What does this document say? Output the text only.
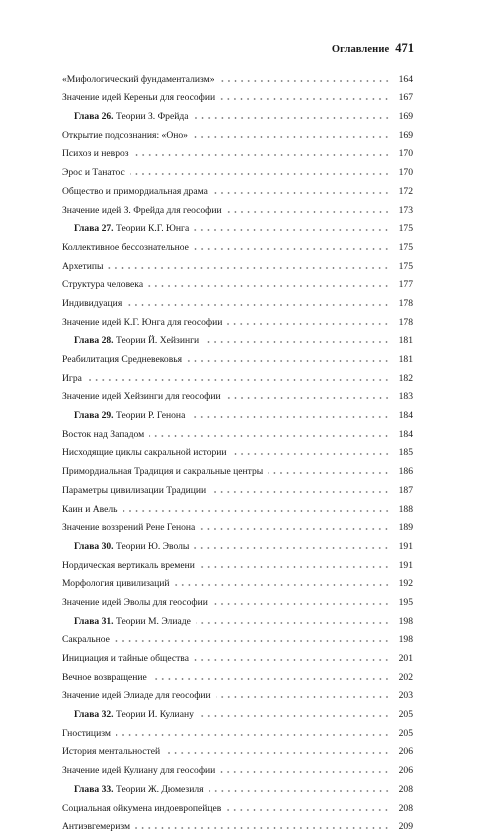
Оглавление 471
«Мифологический фундаментализм»	164
Значение идей Кереньи для геософии	167
Глава 26. Теории З. Фрейда	169
Открытие подсознания: «Оно»	169
Психоз и невроз	170
Эрос и Танатос	170
Общество и примордиальная драма	172
Значение идей З. Фрейда для геософии	173
Глава 27. Теории К.Г. Юнга	175
Коллективное бессознательное	175
Архетипы	175
Структура человека	177
Индивидуация	178
Значение идей К.Г. Юнга для геософии	178
Глава 28. Теории Й. Хейзинги	181
Реабилитация Средневековья	181
Игра	182
Значение идей Хейзинги для геософии	183
Глава 29. Теории Р. Генона	184
Восток над Западом	184
Нисходящие циклы сакральной истории	185
Примордиальная Традиция и сакральные центры	186
Параметры цивилизации Традиции	187
Каин и Авель	188
Значение воззрений Рене Генона	189
Глава 30. Теории Ю. Эволы	191
Нордическая вертикаль времени	191
Морфология цивилизаций	192
Значение идей Эволы для геософии	195
Глава 31. Теории М. Элиаде	198
Сакральное	198
Инициация и тайные общества	201
Вечное возвращение	202
Значение идей Элиаде для геософии	203
Глава 32. Теории И. Кулиану	205
Гностицизм	205
История ментальностей	206
Значение идей Кулиану для геософии	206
Глава 33. Теории Ж. Дюмезиля	208
Социальная ойкумена индоевропейцев	208
Антиэвгемеризм	209
